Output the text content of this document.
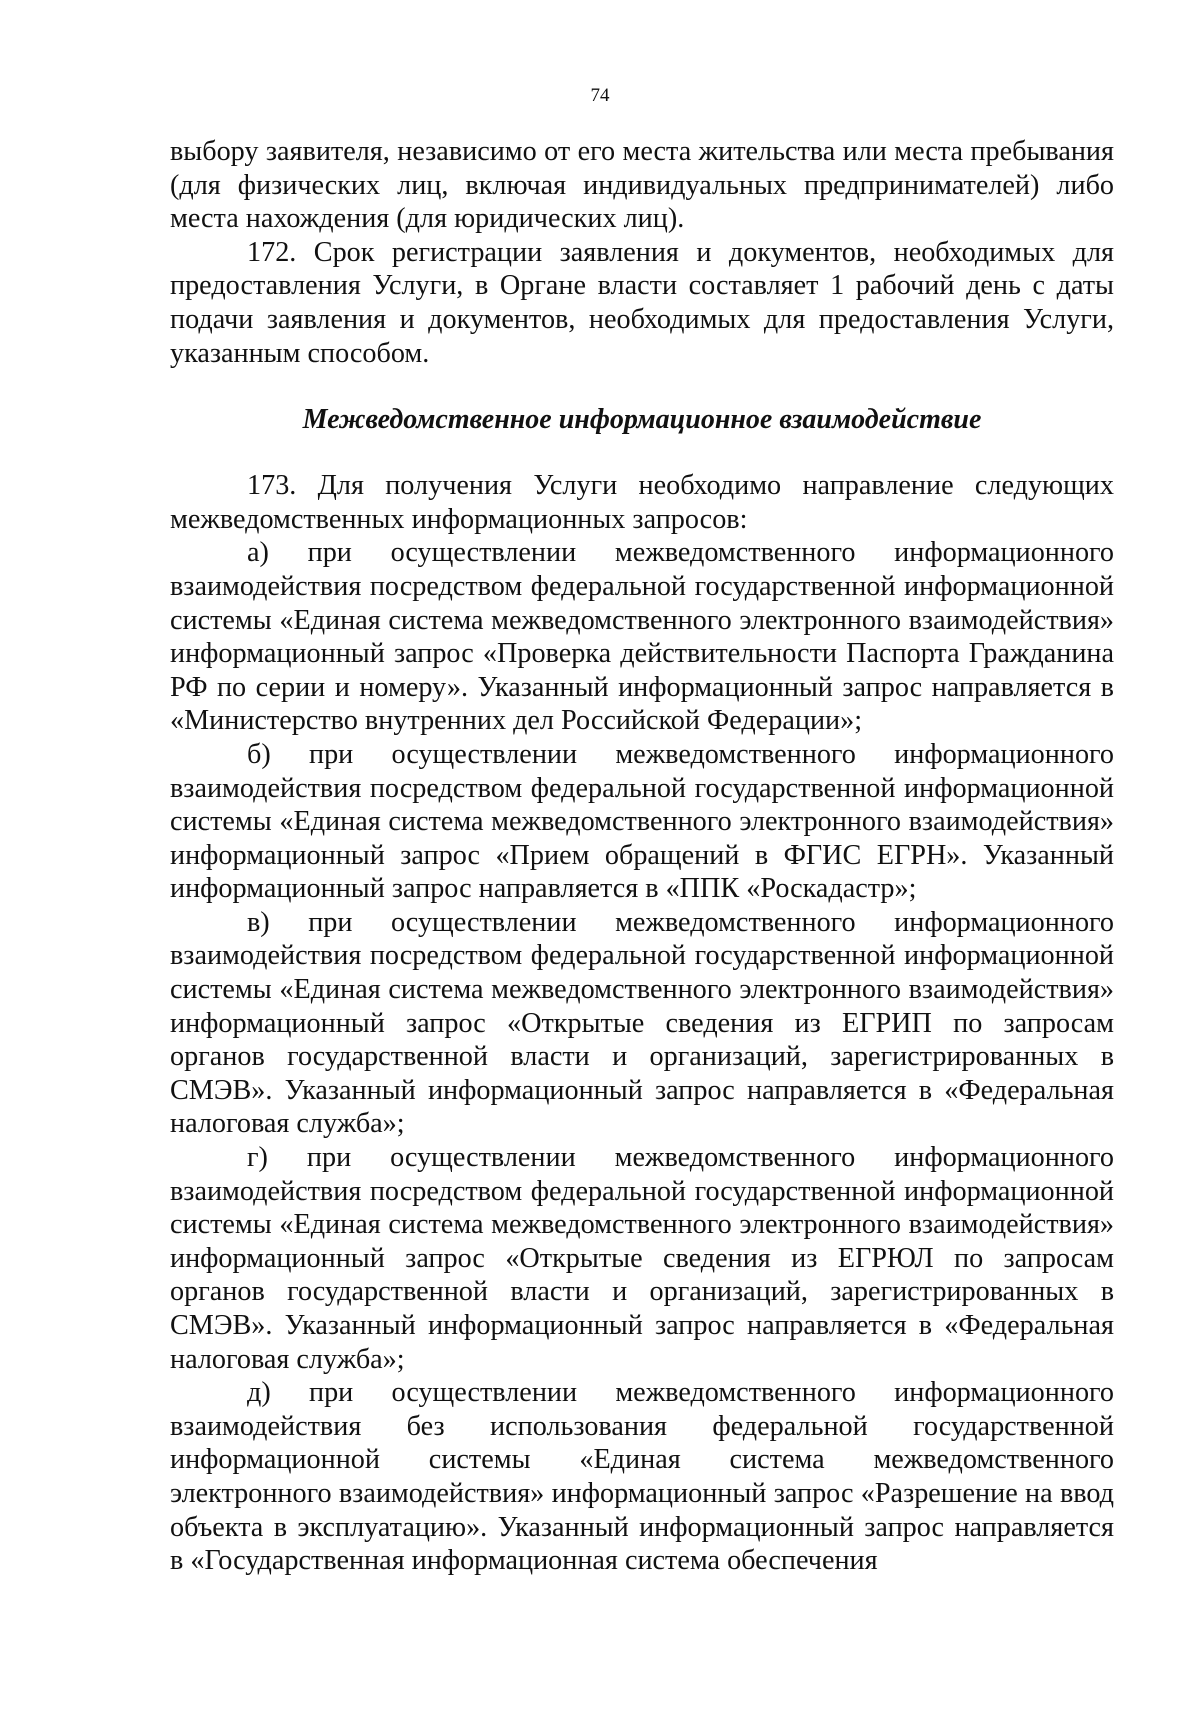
74

выбору заявителя, независимо от его места жительства или места пребывания (для физических лиц, включая индивидуальных предпринимателей) либо места нахождения (для юридических лиц).

172. Срок регистрации заявления и документов, необходимых для предоставления Услуги, в Органе власти составляет 1 рабочий день с даты подачи заявления и документов, необходимых для предоставления Услуги, указанным способом.

Межведомственное информационное взаимодействие

173. Для получения Услуги необходимо направление следующих межведомственных информационных запросов:

а) при осуществлении межведомственного информационного взаимодействия посредством федеральной государственной информационной системы «Единая система межведомственного электронного взаимодействия» информационный запрос «Проверка действительности Паспорта Гражданина РФ по серии и номеру». Указанный информационный запрос направляется в «Министерство внутренних дел Российской Федерации»;

б) при осуществлении межведомственного информационного взаимодействия посредством федеральной государственной информационной системы «Единая система межведомственного электронного взаимодействия» информационный запрос «Прием обращений в ФГИС ЕГРН». Указанный информационный запрос направляется в «ППК «Роскадастр»;

в) при осуществлении межведомственного информационного взаимодействия посредством федеральной государственной информационной системы «Единая система межведомственного электронного взаимодействия» информационный запрос «Открытые сведения из ЕГРИП по запросам органов государственной власти и организаций, зарегистрированных в СМЭВ». Указанный информационный запрос направляется в «Федеральная налоговая служба»;

г) при осуществлении межведомственного информационного взаимодействия посредством федеральной государственной информационной системы «Единая система межведомственного электронного взаимодействия» информационный запрос «Открытые сведения из ЕГРЮЛ по запросам органов государственной власти и организаций, зарегистрированных в СМЭВ». Указанный информационный запрос направляется в «Федеральная налоговая служба»;

д) при осуществлении межведомственного информационного взаимодействия без использования федеральной государственной информационной системы «Единая система межведомственного электронного взаимодействия» информационный запрос «Разрешение на ввод объекта в эксплуатацию». Указанный информационный запрос направляется в «Государственная информационная система обеспечения
